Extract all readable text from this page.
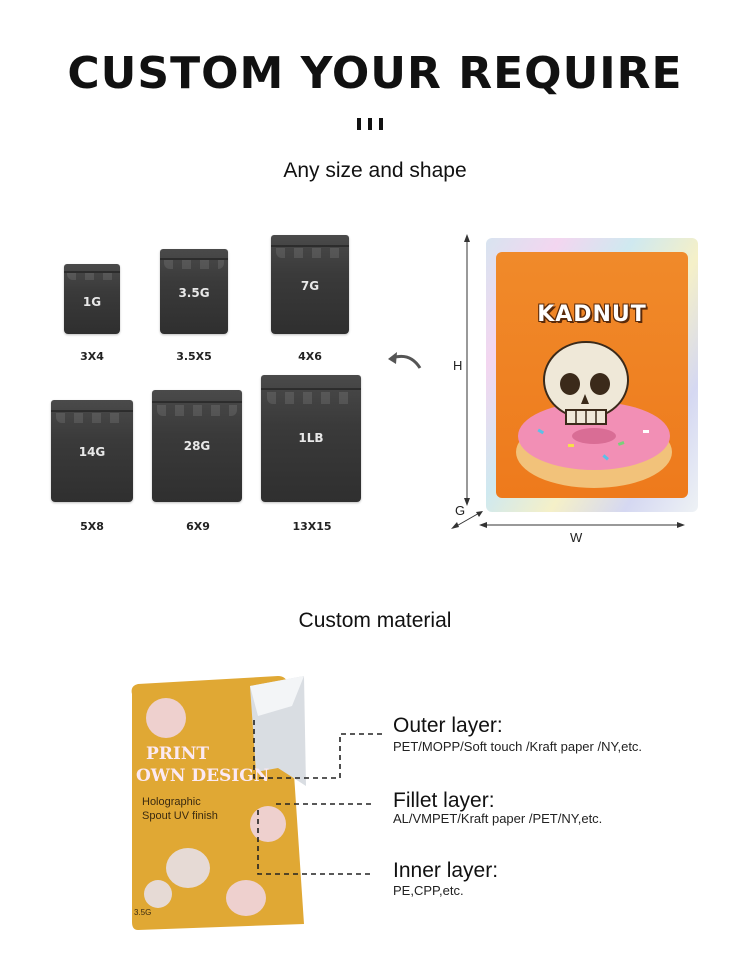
CUSTOM YOUR REQUIRE
Any size and shape
1G
3X4
3.5G
3.5X5
7G
4X6
14G
5X8
28G
6X9
1LB
13X15
H
G
W
KADNUT
Custom material
PRINT
OWN DESIGN
Holographic
Spout UV finish
3.5G
Outer layer:
PET/MOPP/Soft touch /Kraft paper /NY,etc.
Fillet layer:
AL/VMPET/Kraft paper /PET/NY,etc.
Inner layer:
PE,CPP,etc.
